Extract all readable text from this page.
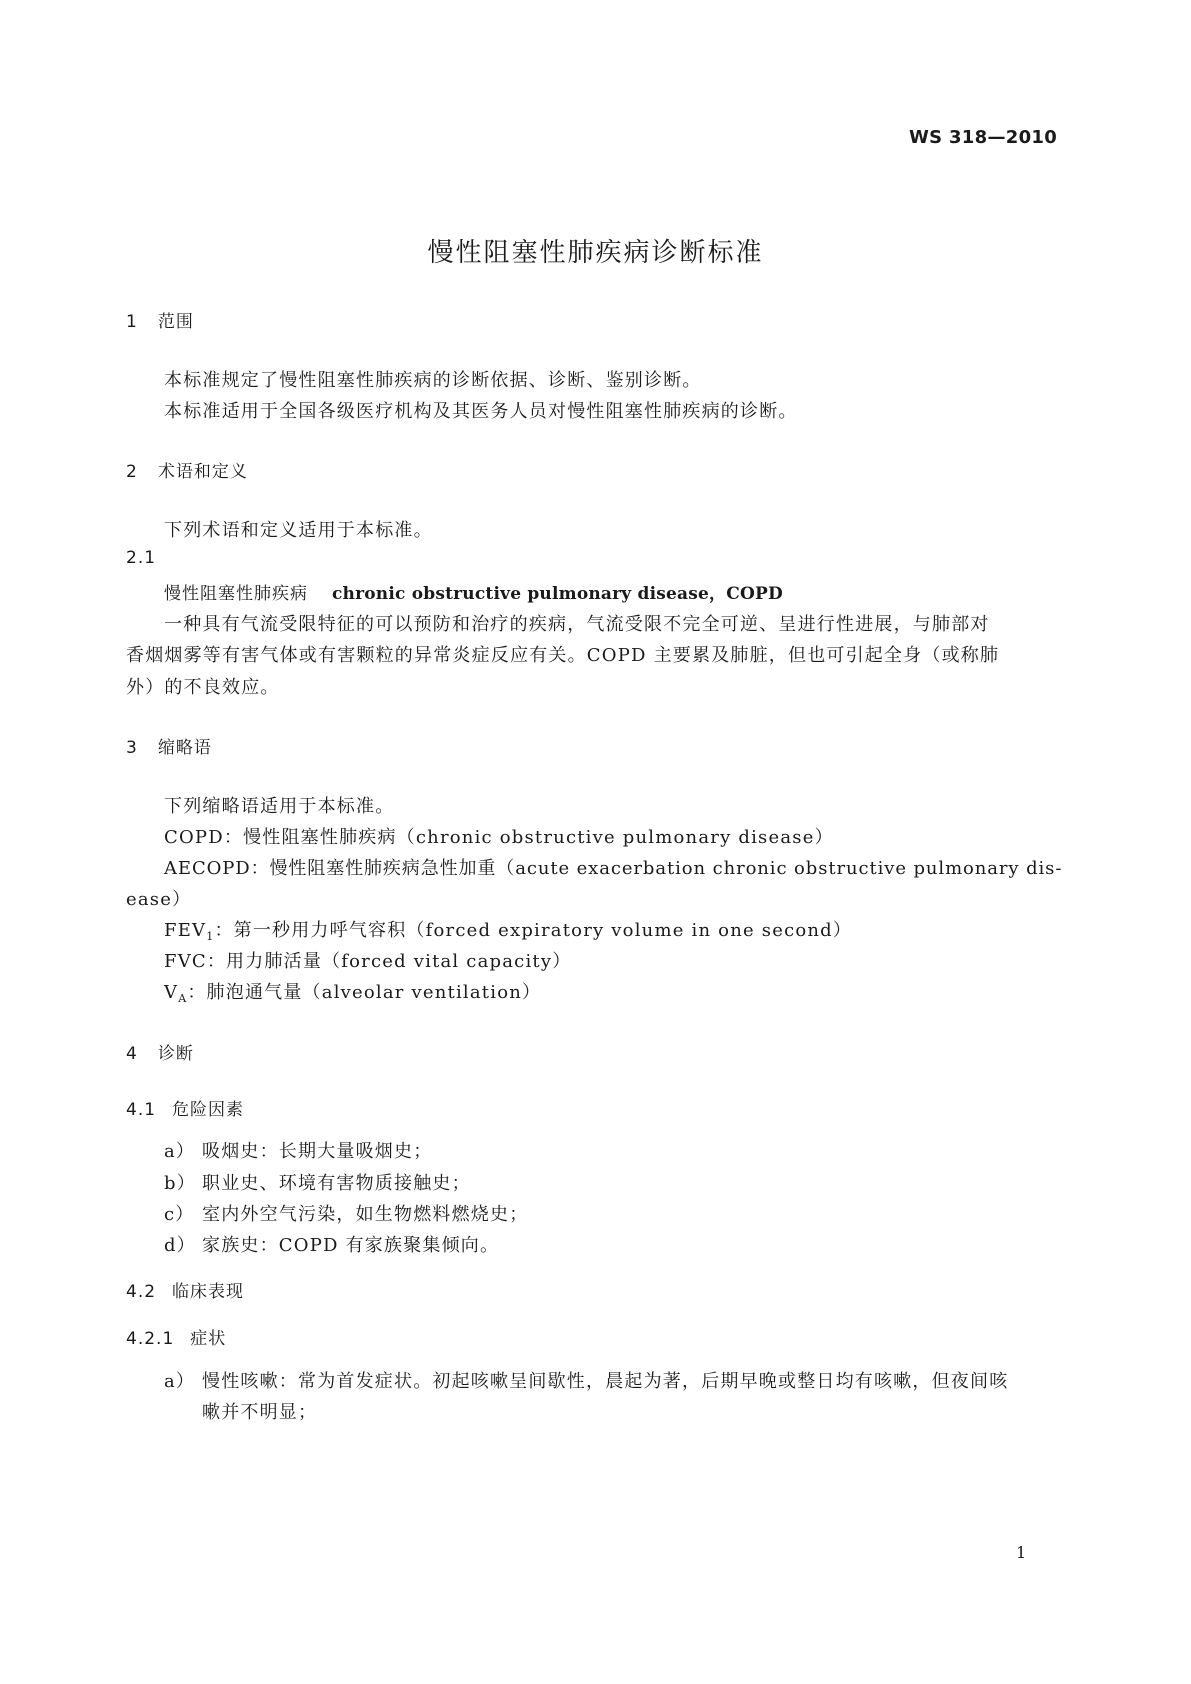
WS 318—2010
慢性阻塞性肺疾病诊断标准
1 范围
本标准规定了慢性阻塞性肺疾病的诊断依据、诊断、鉴别诊断。
本标准适用于全国各级医疗机构及其医务人员对慢性阻塞性肺疾病的诊断。
2 术语和定义
下列术语和定义适用于本标准。
2.1
慢性阻塞性肺疾病 chronic obstructive pulmonary disease，COPD
一种具有气流受限特征的可以预防和治疗的疾病，气流受限不完全可逆、呈进行性进展，与肺部对
香烟烟雾等有害气体或有害颗粒的异常炎症反应有关。COPD 主要累及肺脏，但也可引起全身（或称肺
外）的不良效应。
3 缩略语
下列缩略语适用于本标准。
COPD：慢性阻塞性肺疾病（chronic obstructive pulmonary disease）
AECOPD：慢性阻塞性肺疾病急性加重（acute exacerbation chronic obstructive pulmonary dis-
ease）
$FEV_1$：第一秒用力呼气容积（forced expiratory volume in one second）
FVC：用力肺活量（forced vital capacity）
$V_A$：肺泡通气量（alveolar ventilation）
4 诊断
4.1 危险因素
a） 吸烟史：长期大量吸烟史；
b） 职业史、环境有害物质接触史；
c） 室内外空气污染，如生物燃料燃烧史；
d） 家族史：COPD 有家族聚集倾向。
4.2 临床表现
4.2.1 症状
a） 慢性咳嗽：常为首发症状。初起咳嗽呈间歇性，晨起为著，后期早晚或整日均有咳嗽，但夜间咳
嗽并不明显；
1
